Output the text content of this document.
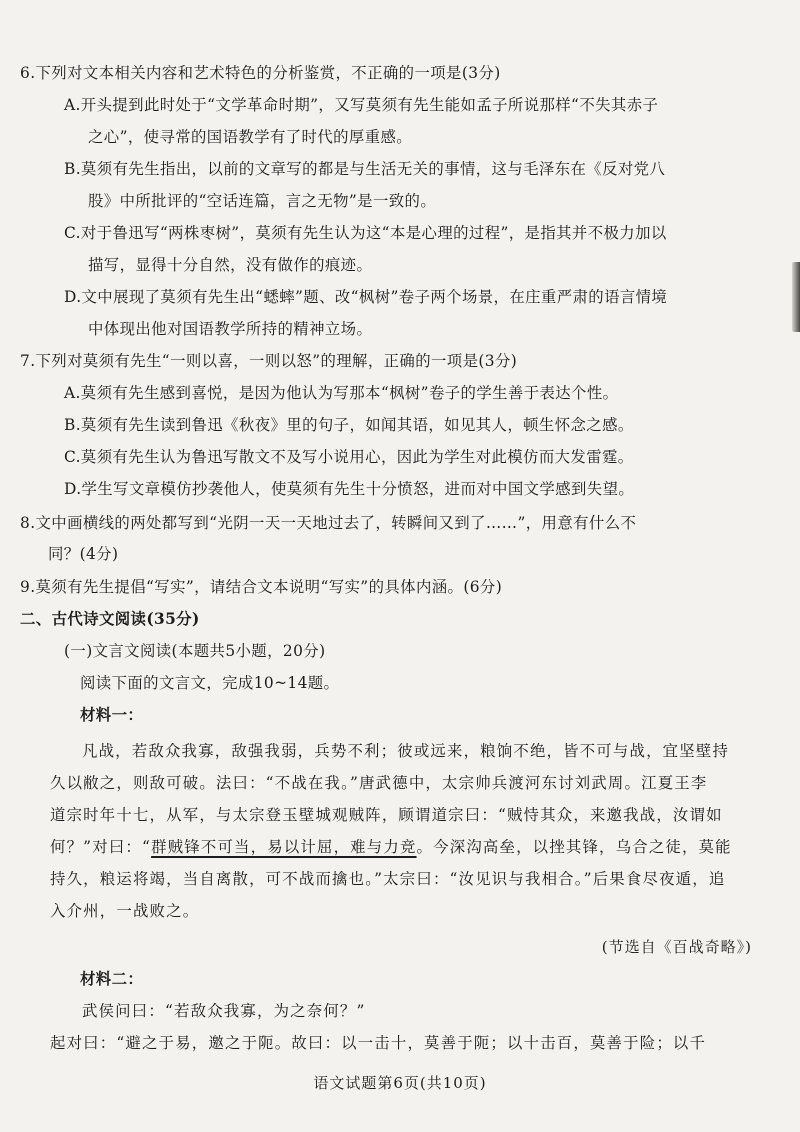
6.下列对文本相关内容和艺术特色的分析鉴赏，不正确的一项是(3分)
A.开头提到此时处于“文学革命时期”，又写莫须有先生能如孟子所说那样“不失其赤子
之心”，使寻常的国语教学有了时代的厚重感。
B.莫须有先生指出，以前的文章写的都是与生活无关的事情，这与毛泽东在《反对党八
股》中所批评的“空话连篇，言之无物”是一致的。
C.对于鲁迅写“两株枣树”，莫须有先生认为这“本是心理的过程”，是指其并不极力加以
描写，显得十分自然，没有做作的痕迹。
D.文中展现了莫须有先生出“蟋蟀”题、改“枫树”卷子两个场景，在庄重严肃的语言情境
中体现出他对国语教学所持的精神立场。
7.下列对莫须有先生“一则以喜，一则以怒”的理解，正确的一项是(3分)
A.莫须有先生感到喜悦，是因为他认为写那本“枫树”卷子的学生善于表达个性。
B.莫须有先生读到鲁迅《秋夜》里的句子，如闻其语，如见其人，顿生怀念之感。
C.莫须有先生认为鲁迅写散文不及写小说用心，因此为学生对此模仿而大发雷霆。
D.学生写文章模仿抄袭他人，使莫须有先生十分愤怒，进而对中国文学感到失望。
8.文中画横线的两处都写到“光阴一天一天地过去了，转瞬间又到了……”，用意有什么不
同？(4分)
9.莫须有先生提倡“写实”，请结合文本说明“写实”的具体内涵。(6分)
二、古代诗文阅读(35分)
(一)文言文阅读(本题共5小题，20分)
阅读下面的文言文，完成10~14题。
材料一：
凡战，若敌众我寡，敌强我弱，兵势不利；彼或远来，粮饷不绝，皆不可与战，宜坚壁持
久以敝之，则敌可破。法曰：“不战在我。”唐武德中，太宗帅兵渡河东讨刘武周。江夏王李
道宗时年十七，从军，与太宗登玉壁城观贼阵，顾谓道宗曰：“贼恃其众，来邀我战，汝谓如
何？”对曰：“群贼锋不可当，易以计屈，难与力竞。今深沟高垒，以挫其锋，乌合之徒，莫能
持久，粮运将竭，当自离散，可不战而擒也。”太宗曰：“汝见识与我相合。”后果食尽夜遁，追
入介州，一战败之。
(节选自《百战奇略》)
材料二：
武侯问曰：“若敌众我寡，为之奈何？”
起对曰：“避之于易，邀之于阨。故曰：以一击十，莫善于阨；以十击百，莫善于险；以千
语文试题第6页(共10页)
